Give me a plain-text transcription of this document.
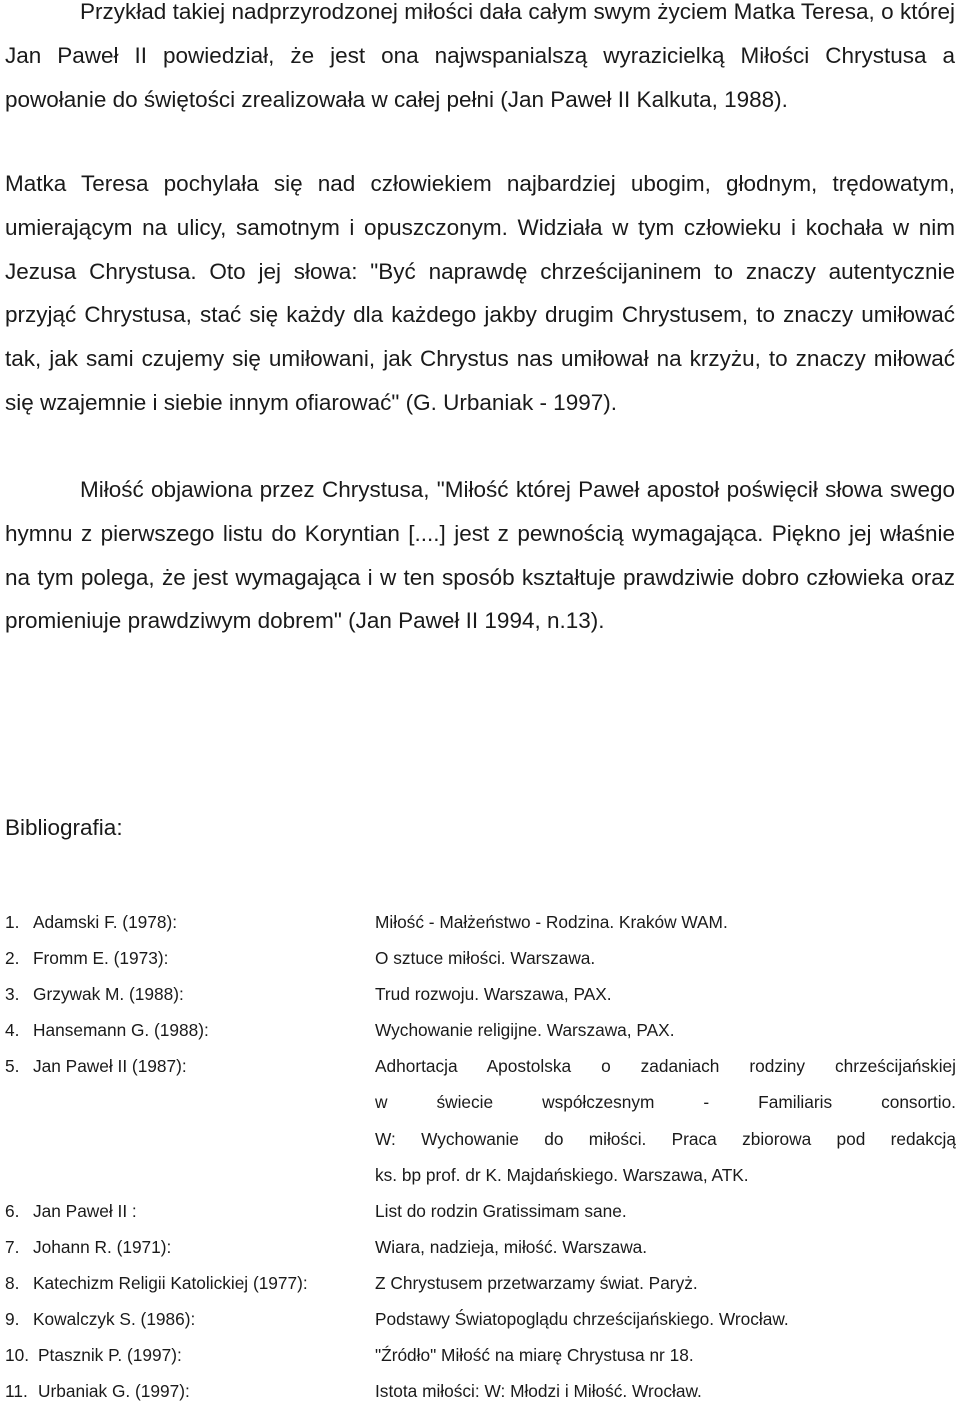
Przykład takiej nadprzyrodzonej miłości dała całym swym życiem Matka Teresa, o której Jan Paweł II powiedział, że jest ona najwspanialszą wyrazicielką Miłości Chrystusa a powołanie do świętości zrealizowała w całej pełni (Jan Paweł II Kalkuta, 1988).

Matka Teresa pochylała się nad człowiekiem najbardziej ubogim, głodnym, trędowatym, umierającym na ulicy, samotnym i opuszczonym. Widziała w tym człowieku i kochała w nim Jezusa Chrystusa. Oto jej słowa: "Być naprawdę chrześcijaninem to znaczy autentycznie przyjąć Chrystusa, stać się każdy dla każdego jakby drugim Chrystusem, to znaczy umiłować tak, jak sami czujemy się umiłowani, jak Chrystus nas umiłował na krzyżu, to znaczy miłować się wzajemnie i siebie innym ofiarować" (G. Urbaniak - 1997).

Miłość objawiona przez Chrystusa, "Miłość której Paweł apostoł poświęcił słowa swego hymnu z pierwszego listu do Koryntian [....] jest z pewnością wymagająca. Piękno jej właśnie na tym polega, że jest wymagająca i w ten sposób kształtuje prawdziwie dobro człowieka oraz promieniuje prawdziwym dobrem" (Jan Paweł II 1994, n.13).

Bibliografia:
1. Adamski F. (1978):	Miłość - Małżeństwo - Rodzina. Kraków WAM.
2. Fromm E. (1973):	O sztuce miłości. Warszawa.
3. Grzywak M. (1988):	Trud rozwoju. Warszawa, PAX.
4. Hansemann G. (1988):	Wychowanie religijne. Warszawa, PAX.
5. Jan Paweł II (1987):	Adhortacja Apostolska o zadaniach rodziny chrześcijańskiej
w świecie współczesnym - Familiaris consortio.
W: Wychowanie do miłości. Praca zbiorowa pod redakcją
ks. bp prof. dr K. Majdańskiego. Warszawa, ATK.
6. Jan Paweł II :	List do rodzin Gratissimam sane.
7. Johann R. (1971):	Wiara, nadzieja, miłość. Warszawa.
8. Katechizm Religii Katolickiej (1977):	Z Chrystusem przetwarzamy świat. Paryż.
9. Kowalczyk S. (1986):	Podstawy Światopoglądu chrześcijańskiego. Wrocław.
10. Ptasznik P. (1997):	"Źródło" Miłość na miarę Chrystusa nr 18.
11. Urbaniak G. (1997):	Istota miłości: W: Młodzi i Miłość. Wrocław.
